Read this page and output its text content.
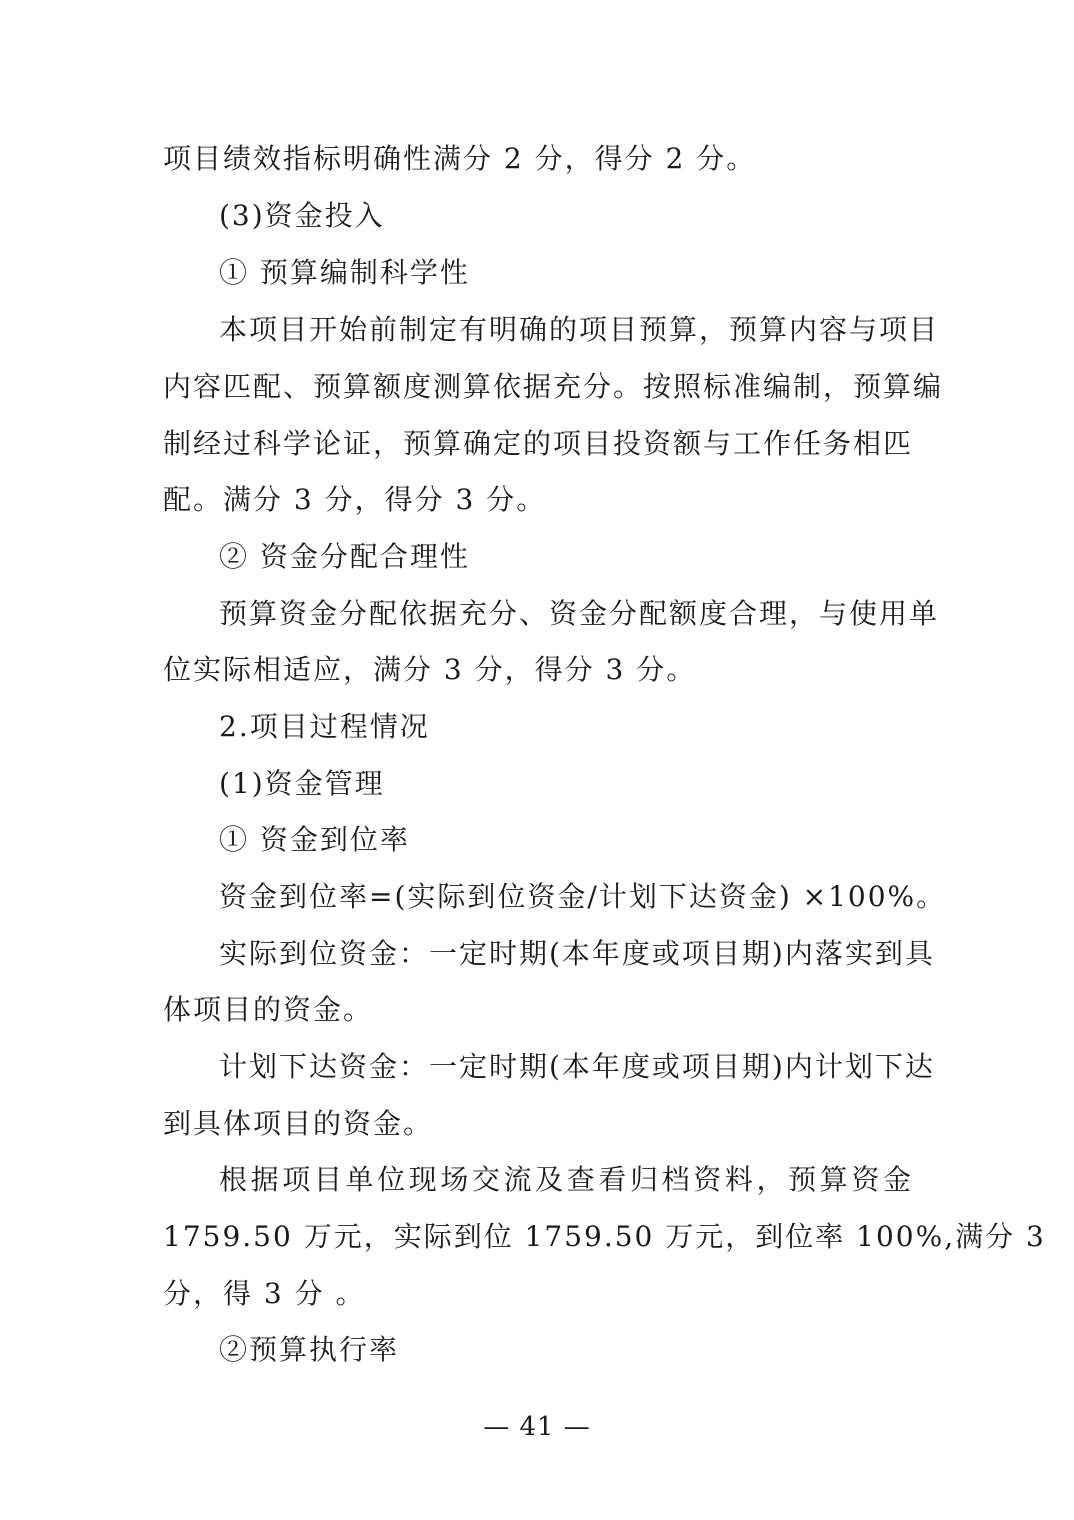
项目绩效指标明确性满分 2 分，得分 2 分。
(3)资金投入
① 预算编制科学性
本项目开始前制定有明确的项目预算，预算内容与项目
内容匹配、预算额度测算依据充分。按照标准编制，预算编
制经过科学论证，预算确定的项目投资额与工作任务相匹
配。满分 3 分，得分 3 分。
② 资金分配合理性
预算资金分配依据充分、资金分配额度合理，与使用单
位实际相适应，满分 3 分，得分 3 分。
2.项目过程情况
(1)资金管理
① 资金到位率
资金到位率=(实际到位资金/计划下达资金) ×100%。
实际到位资金：一定时期(本年度或项目期)内落实到具
体项目的资金。
计划下达资金：一定时期(本年度或项目期)内计划下达
到具体项目的资金。
根据项目单位现场交流及查看归档资料，预算资金
1759.50 万元，实际到位 1759.50 万元，到位率 100%,满分 3
分，得 3 分 。
②预算执行率
— 41 —
